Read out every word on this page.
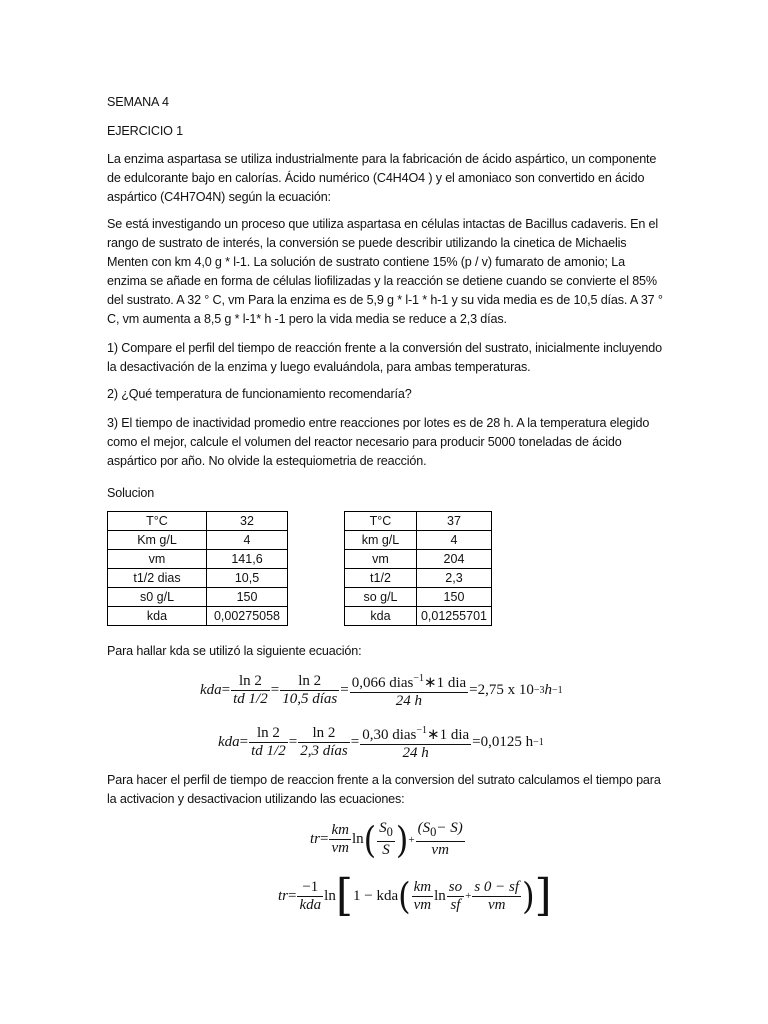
SEMANA 4
EJERCICIO 1
La enzima aspartasa se utiliza industrialmente para la fabricación de ácido aspártico, un componente de edulcorante bajo en calorías. Ácido numérico (C4H4O4 ) y el amoniaco son convertido en ácido aspártico (C4H7O4N) según la ecuación:
Se está investigando un proceso que utiliza aspartasa en células intactas de Bacillus cadaveris. En el rango de sustrato de interés, la conversión se puede describir utilizando la cinetica de Michaelis Menten con km 4,0 g * l-1. La solución de sustrato contiene 15% (p / v) fumarato de amonio; La enzima se añade en forma de células liofilizadas y la reacción se detiene cuando se convierte el 85% del sustrato. A 32 ° C, vm Para la enzima es de 5,9 g * l-1 * h-1 y su vida media es de 10,5 días. A 37 ° C, vm aumenta a 8,5 g * l-1* h -1 pero la vida media se reduce a 2,3 días.
1) Compare el perfil del tiempo de reacción frente a la conversión del sustrato, inicialmente incluyendo la desactivación de la enzima y luego evaluándola, para ambas temperaturas.
2) ¿Qué temperatura de funcionamiento recomendaría?
3) El tiempo de inactividad promedio entre reacciones por lotes es de 28 h. A la temperatura elegido como el mejor, calcule el volumen del reactor necesario para producir 5000 toneladas de ácido aspártico por año. No olvide la estequiometria de reacción.
Solucion
T°C	32
Km g/L	4
vm	141,6
t1/2 dias	10,5
s0 g/L	150
kda	0,00275058
T°C	37
km g/L	4
vm	204
t1/2	2,3
so g/L	150
kda	0,01255701
Para hallar kda se utilizó la siguiente ecuación:
kda = $\frac{\ln 2}{td 1/2} = \frac{\ln 2}{\text{10,5 días}} = \frac{0,066 dias^{-1}∗1 dia}{24 h} = 2,75$ x 10 −3 h −1
kda = $\frac{\ln 2}{td 1/2} = \frac{\ln 2}{\text{2,3 días}} = \frac{0,30 dias^{-1}∗1 dia}{24 h} = 0,0125$ h −1
Para hacer el perfil de tiempo de reaccion frente a la conversion del sutrato calculamos el tiempo para la activacion y desactivacion utilizando las ecuaciones:
tr = $\frac{km}{vm}$ ln ( $\frac{S_0}{S}$ ) + $\frac{(S_0- S)}{vm}$
tr = $\frac{-1}{\text{kda}}$ ln [ 1 − kda ( $\frac{km}{vm}$ $\ln \frac{so}{sf} + \frac{s 0 - sf}{vm}$ ) ]
